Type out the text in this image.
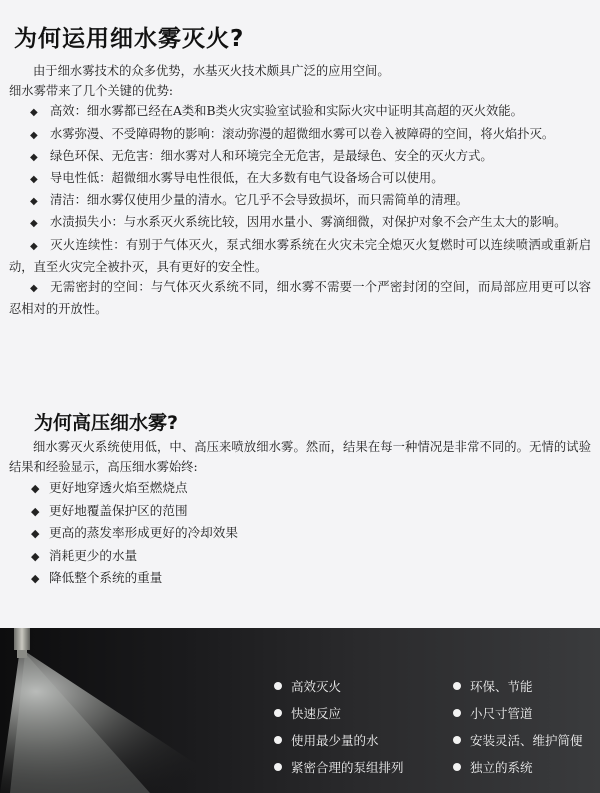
为何运用细水雾灭火?

由于细水雾技术的众多优势，水基灭火技术颇具广泛的应用空间。

细水雾带来了几个关键的优势:

◆ 高效：细水雾都已经在A类和B类火灾实验室试验和实际火灾中证明其高超的灭火效能。

◆ 水雾弥漫、不受障碍物的影响：滚动弥漫的超微细水雾可以卷入被障碍的空间，将火焰扑灭。

◆ 绿色环保、无危害：细水雾对人和环境完全无危害，是最绿色、安全的灭火方式。

◆ 导电性低：超微细水雾导电性很低，在大多数有电气设备场合可以使用。

◆ 清洁：细水雾仅使用少量的清水。它几乎不会导致损坏，而只需简单的清理。

◆ 水渍损失小：与水系灭火系统比较，因用水量小、雾滴细微，对保护对象不会产生太大的影响。

◆ 灭火连续性：有别于气体灭火，泵式细水雾系统在火灾未完全熄灭火复燃时可以连续喷洒或重新启动，直至火灾完全被扑灭，具有更好的安全性。

◆ 无需密封的空间：与气体灭火系统不同，细水雾不需要一个严密封闭的空间，而局部应用更可以容忍相对的开放性。

为何高压细水雾?

细水雾灭火系统使用低，中、高压来喷放细水雾。然而，结果在每一种情况是非常不同的。无情的试验结果和经验显示，高压细水雾始终:

◆ 更好地穿透火焰至燃烧点

◆ 更好地覆盖保护区的范围

◆ 更高的蒸发率形成更好的冷却效果

◆ 消耗更少的水量

◆ 降低整个系统的重量

高效灭火
快速反应
使用最少量的水
紧密合理的泵组排列
环保、节能
小尺寸管道
安装灵活、维护简便
独立的系统
